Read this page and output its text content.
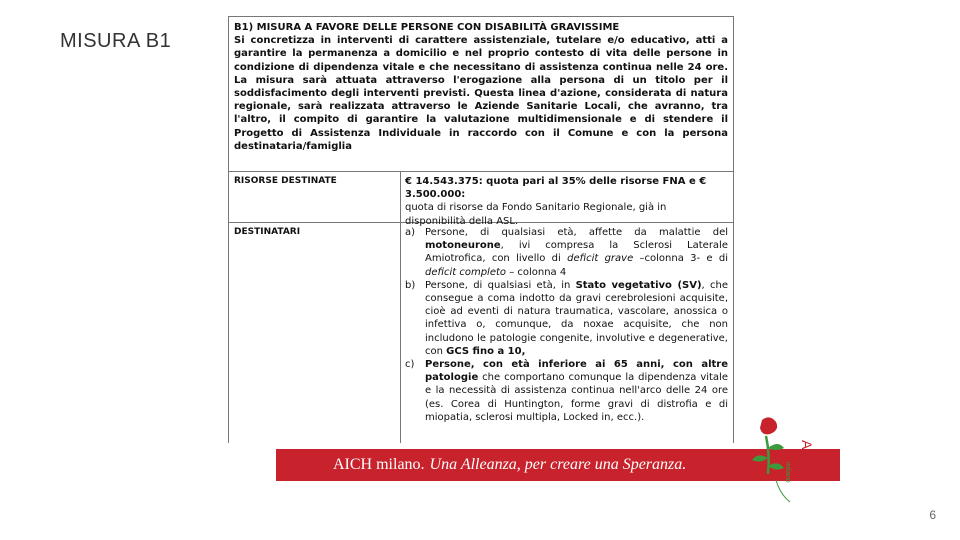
MISURA B1
B1) MISURA A FAVORE DELLE PERSONE CON DISABILITÀ GRAVISSIME
Si concretizza in interventi di carattere assistenziale, tutelare e/o educativo, atti a garantire la permanenza a domicilio e nel proprio contesto di vita delle persone in condizione di dipendenza vitale e che necessitano di assistenza continua nelle 24 ore. La misura sarà attuata attraverso l'erogazione alla persona di un titolo per il soddisfacimento degli interventi previsti. Questa linea d'azione, considerata di natura regionale, sarà realizzata attraverso le Aziende Sanitarie Locali, che avranno, tra l'altro, il compito di garantire la valutazione multidimensionale e di stendere il Progetto di Assistenza Individuale in raccordo con il Comune e con la persona destinataria/famiglia
RISORSE DESTINATE	€ 14.543.375: quota pari al 35% delle risorse FNA e € 3.500.000:
quota di risorse da Fondo Sanitario Regionale, già in disponibilità della ASL.
DESTINATARI	a) Persone, di qualsiasi età, affette da malattie del motoneurone, ivi compresa la Sclerosi Laterale Amiotrofica, con livello di deficit grave –colonna 3- e di deficit completo – colonna 4
b) Persone, di qualsiasi età, in Stato vegetativo (SV), che conseguе a coma indotto da gravi cerebrolesioni acquisite, cioè ad eventi di natura traumatica, vascolare, anossica o infettiva o, comunque, da noxae acquisite, che non includono le patologie congenite, involutive e degenerative, con GCS fino a 10,
c)	Persone, con età inferiore ai 65 anni, con altre patologie che comportano comunque la dipendenza vitale e la necessità di assistenza continua nell'arco delle 24 ore (es. Corea di Huntington, forme gravi di distrofia e di miopatia, sclerosi multipla, Locked in, ecc.).
AICH milano. Una Alleanza, per creare una Speranza.	AICH
milano
6
